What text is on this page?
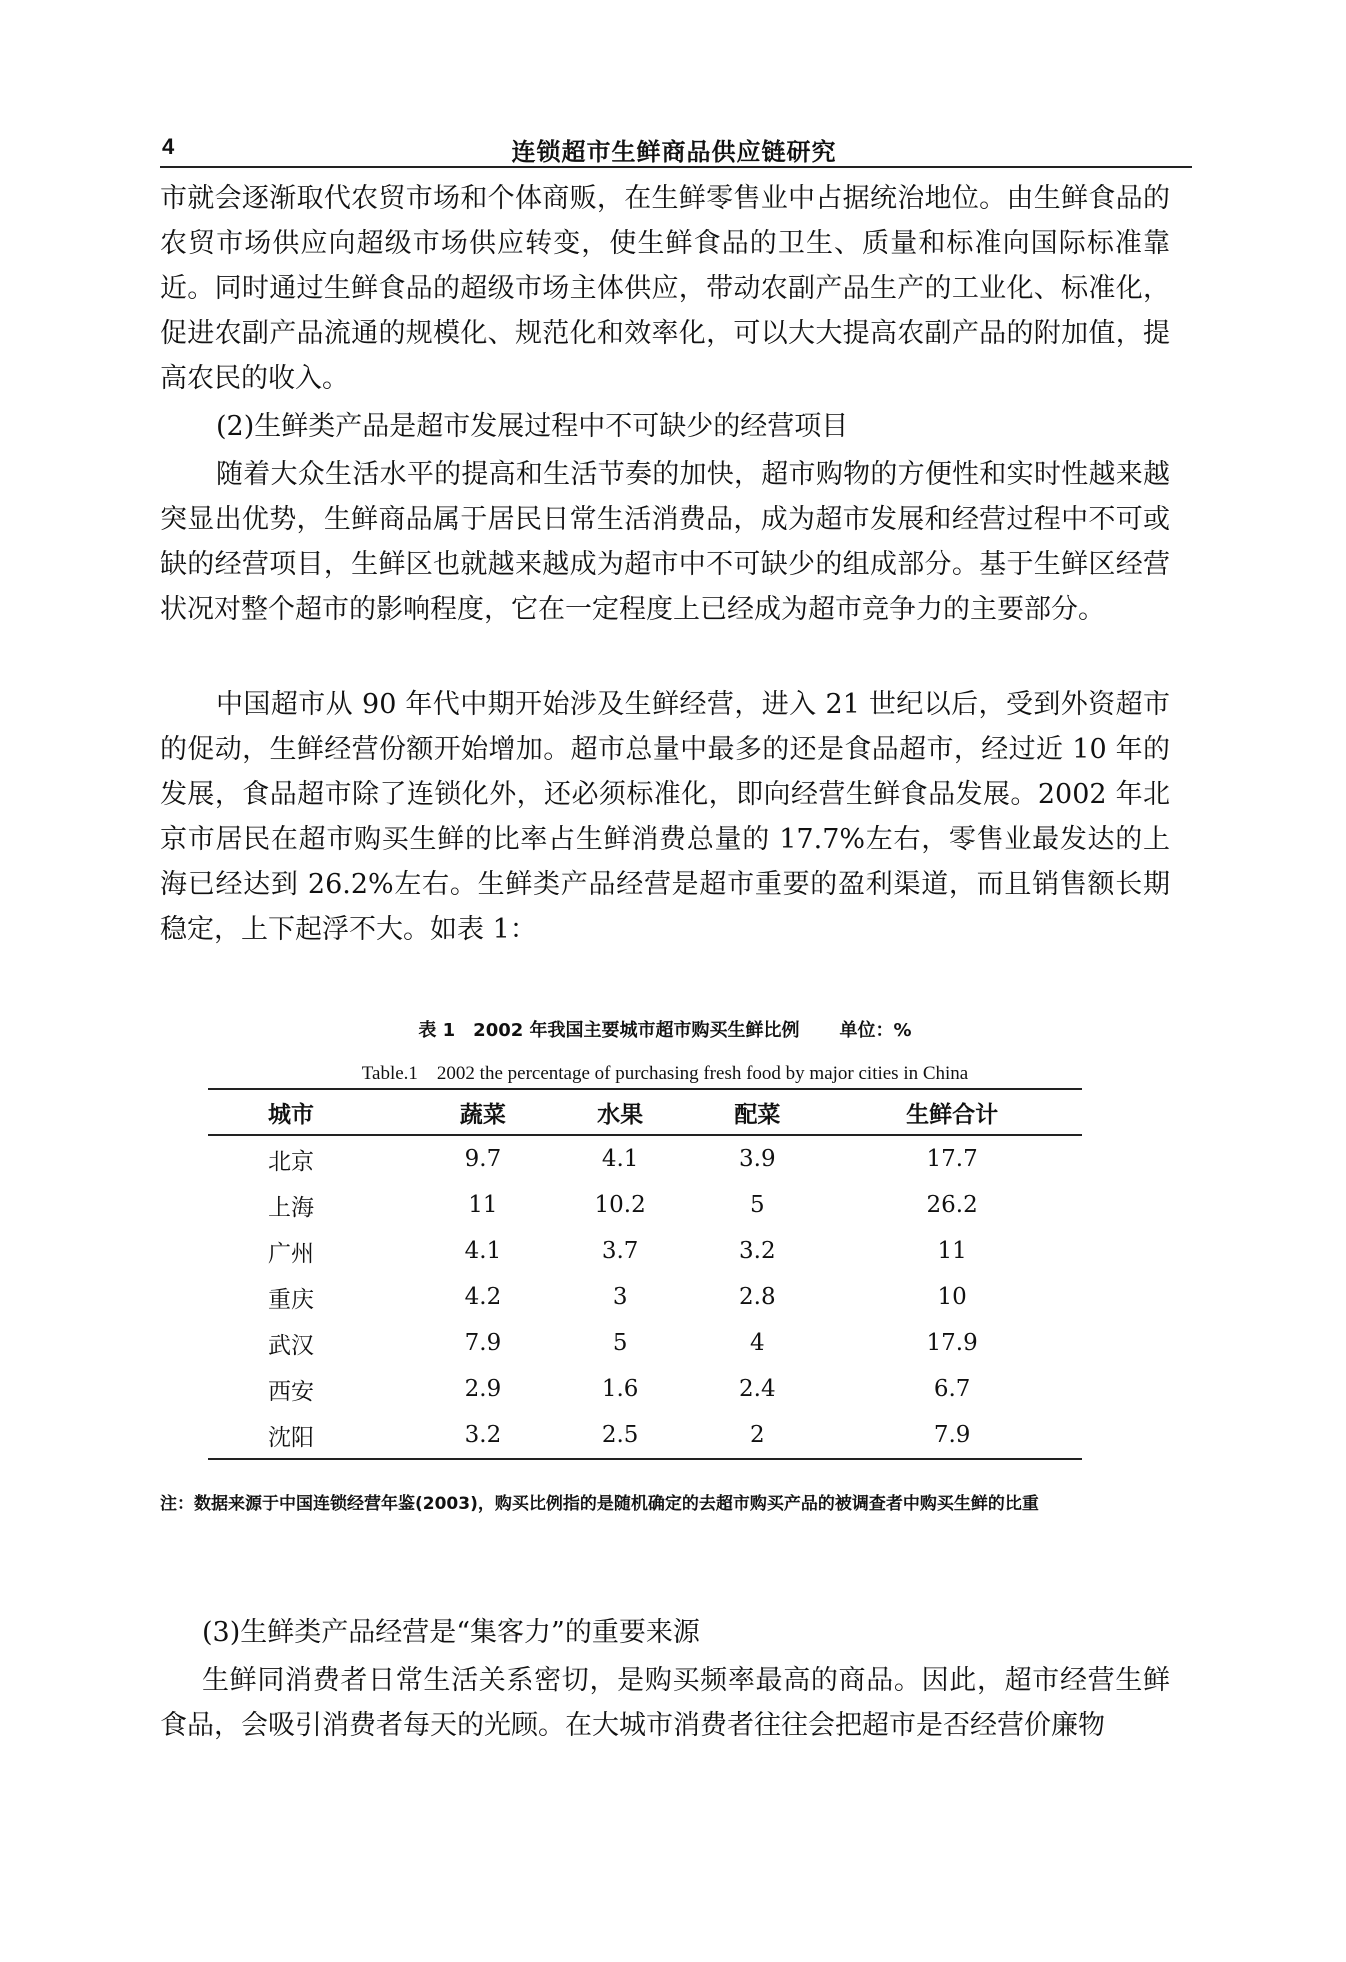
4	连锁超市生鲜商品供应链研究

市就会逐渐取代农贸市场和个体商贩，在生鲜零售业中占据统治地位。由生鲜食品的农贸市场供应向超级市场供应转变，使生鲜食品的卫生、质量和标准向国际标准靠近。同时通过生鲜食品的超级市场主体供应，带动农副产品生产的工业化、标准化，促进农副产品流通的规模化、规范化和效率化，可以大大提高农副产品的附加值，提高农民的收入。

(2)生鲜类产品是超市发展过程中不可缺少的经营项目

随着大众生活水平的提高和生活节奏的加快，超市购物的方便性和实时性越来越突显出优势，生鲜商品属于居民日常生活消费品，成为超市发展和经营过程中不可或缺的经营项目，生鲜区也就越来越成为超市中不可缺少的组成部分。基于生鲜区经营状况对整个超市的影响程度，它在一定程度上已经成为超市竞争力的主要部分。

中国超市从 90 年代中期开始涉及生鲜经营，进入 21 世纪以后，受到外资超市的促动，生鲜经营份额开始增加。超市总量中最多的还是食品超市，经过近 10 年的发展，食品超市除了连锁化外，还必须标准化，即向经营生鲜食品发展。2002 年北京市居民在超市购买生鲜的比率占生鲜消费总量的 17.7%左右，零售业最发达的上海已经达到 26.2%左右。生鲜类产品经营是超市重要的盈利渠道，而且销售额长期稳定，上下起浮不大。如表 1：

表 1　2002 年我国主要城市超市购买生鲜比例 单位：%
Table.1　2002 the percentage of purchasing fresh food by major cities in China
城市	蔬菜	水果	配菜	生鲜合计
北京	9.7	4.1	3.9	17.7
上海	11	10.2	5	26.2
广州	4.1	3.7	3.2	11
重庆	4.2	3	2.8	10
武汉	7.9	5	4	17.9
西安	2.9	1.6	2.4	6.7
沈阳	3.2	2.5	2	7.9

注：数据来源于中国连锁经营年鉴(2003)，购买比例指的是随机确定的去超市购买产品的被调查者中购买生鲜的比重

(3)生鲜类产品经营是“集客力”的重要来源

生鲜同消费者日常生活关系密切，是购买频率最高的商品。因此，超市经营生鲜食品，会吸引消费者每天的光顾。在大城市消费者往往会把超市是否经营价廉物
